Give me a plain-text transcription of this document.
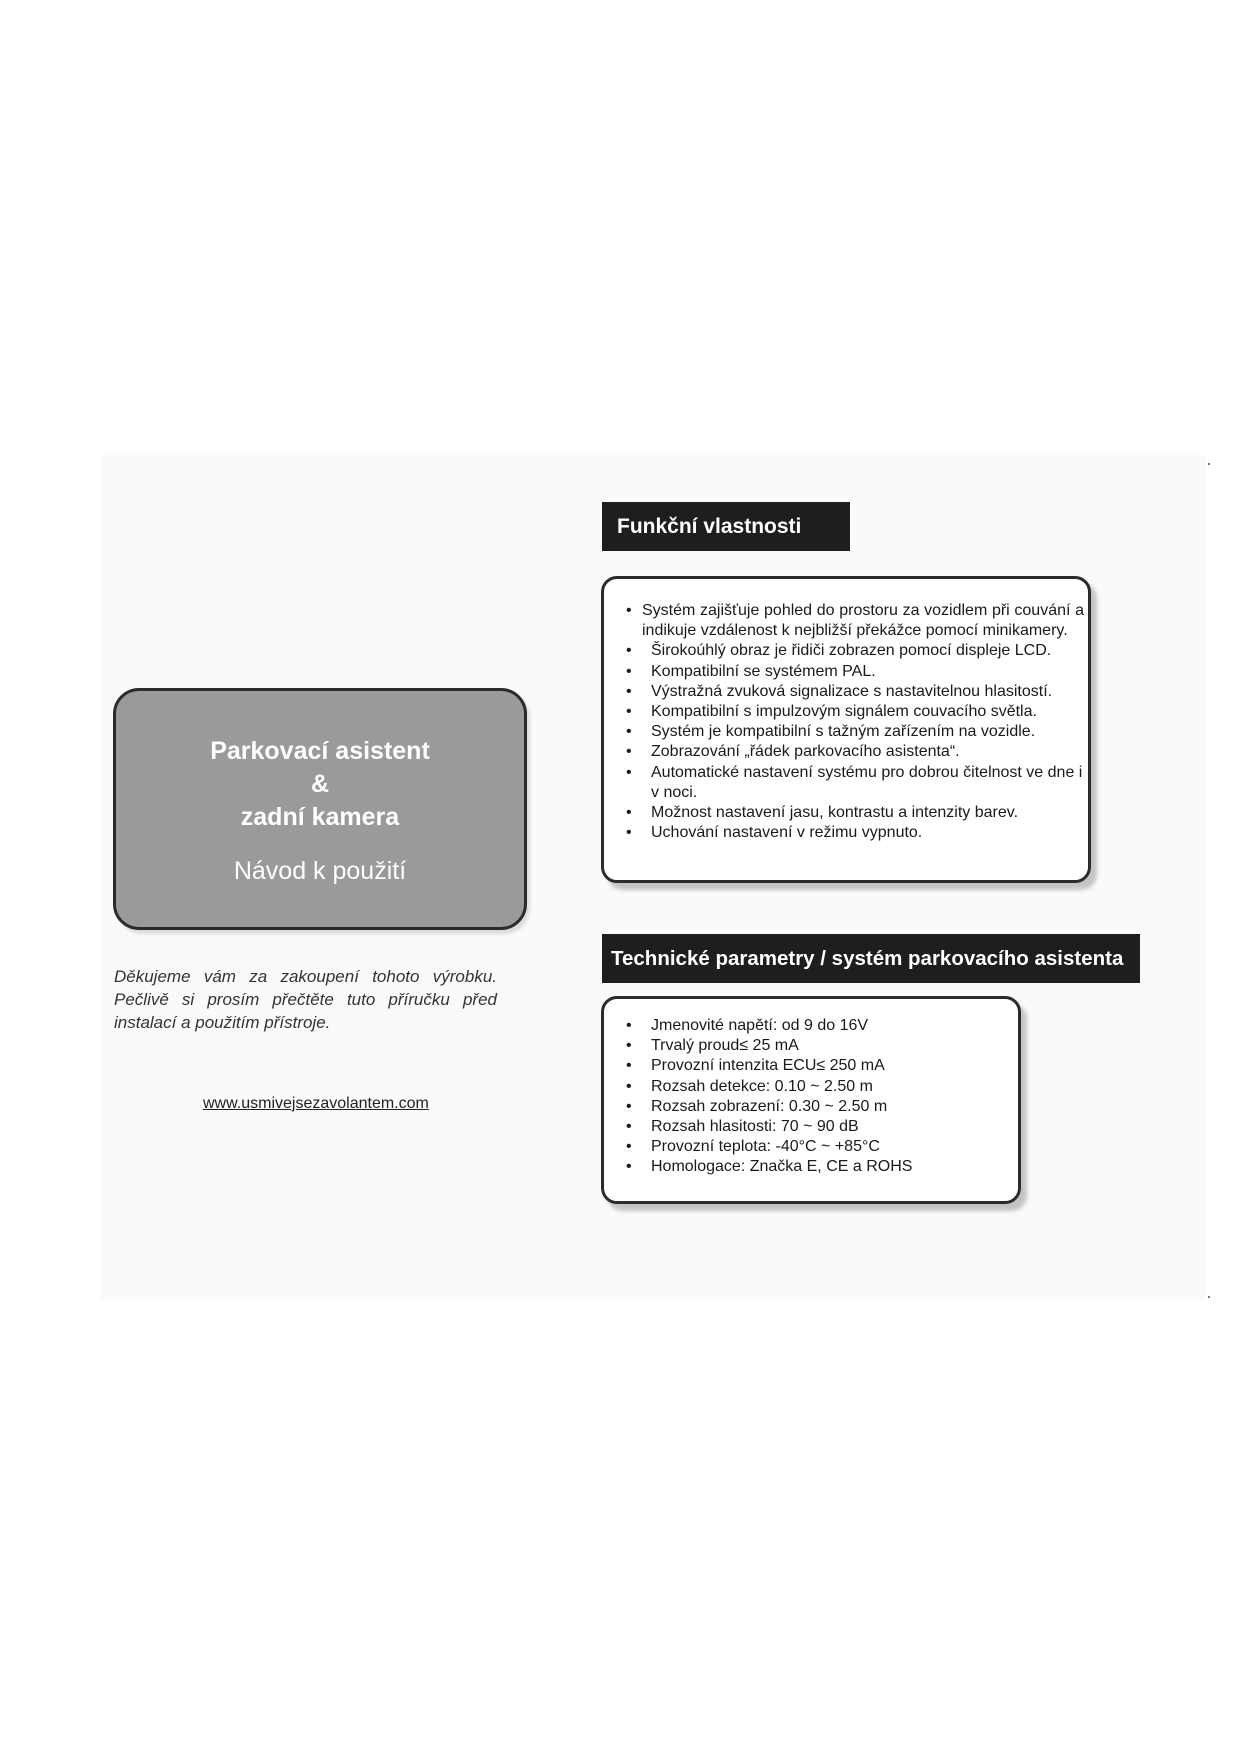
Parkovací asistent
&
zadní kamera
Návod k použití
Děkujeme vám za zakoupení tohoto výrobku.
Pečlivě si prosím přečtěte tuto příručku před
instalací a použitím přístroje.
www.usmivejsezavolantem.com
Funkční vlastnosti
• Systém zajišťuje pohled do prostoru za vozidlem při couvání a indikuje vzdálenost k nejbližší překážce pomocí minikamery.
• Širokoúhlý obraz je řidiči zobrazen pomocí displeje LCD.
• Kompatibilní se systémem PAL.
• Výstražná zvuková signalizace s nastavitelnou hlasitostí.
• Kompatibilní s impulzovým signálem couvacího světla.
• Systém je kompatibilní s tažným zařízením na vozidle.
• Zobrazování „řádek parkovacího asistenta“.
• Automatické nastavení systému pro dobrou čitelnost ve dne i v noci.
• Možnost nastavení jasu, kontrastu a intenzity barev.
• Uchování nastavení v režimu vypnuto.
Technické parametry / systém parkovacího asistenta
• Jmenovité napětí: od 9 do 16V
• Trvalý proud≤ 25 mA
• Provozní intenzita ECU≤ 250 mA
• Rozsah detekce: 0.10 ~ 2.50 m
• Rozsah zobrazení: 0.30 ~ 2.50 m
• Rozsah hlasitosti: 70 ~ 90 dB
• Provozní teplota: -40°C ~ +85°C
• Homologace: Značka E, CE a ROHS
